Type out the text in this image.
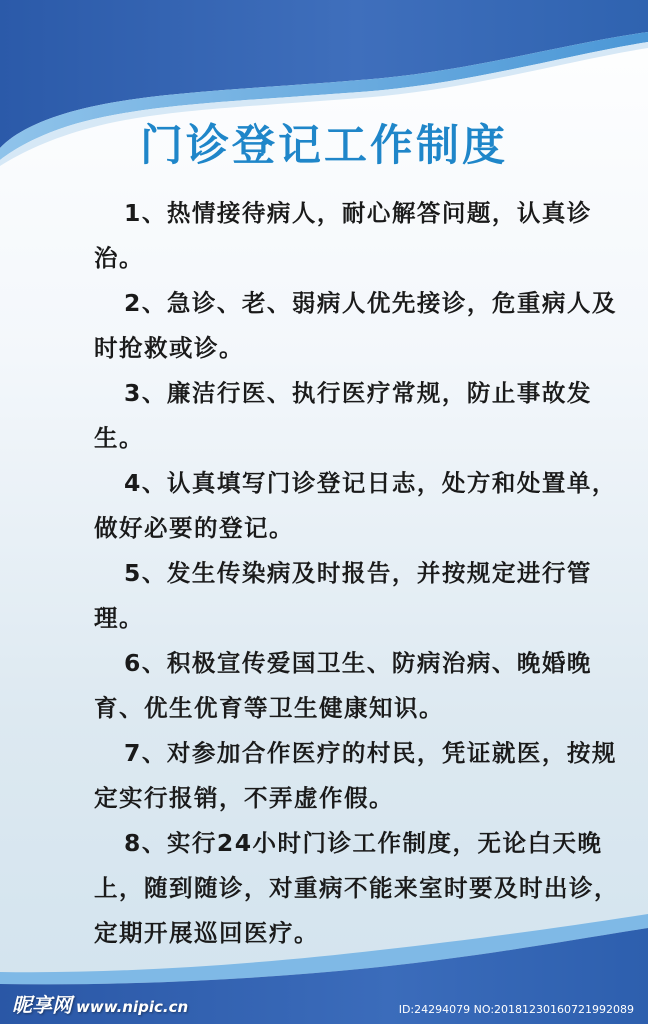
门诊登记工作制度
1、热情接待病人，耐心解答问题，认真诊治。
2、急诊、老、弱病人优先接诊，危重病人及时抢救或诊。
3、廉洁行医、执行医疗常规，防止事故发生。
4、认真填写门诊登记日志，处方和处置单，做好必要的登记。
5、发生传染病及时报告，并按规定进行管理。
6、积极宣传爱国卫生、防病治病、晚婚晚育、优生优育等卫生健康知识。
7、对参加合作医疗的村民，凭证就医，按规定实行报销，不弄虚作假。
8、实行24小时门诊工作制度，无论白天晚上，随到随诊，对重病不能来室时要及时出诊，定期开展巡回医疗。
昵享网 www.nipic.cn	ID:24294079 NO:20181230160721992089
